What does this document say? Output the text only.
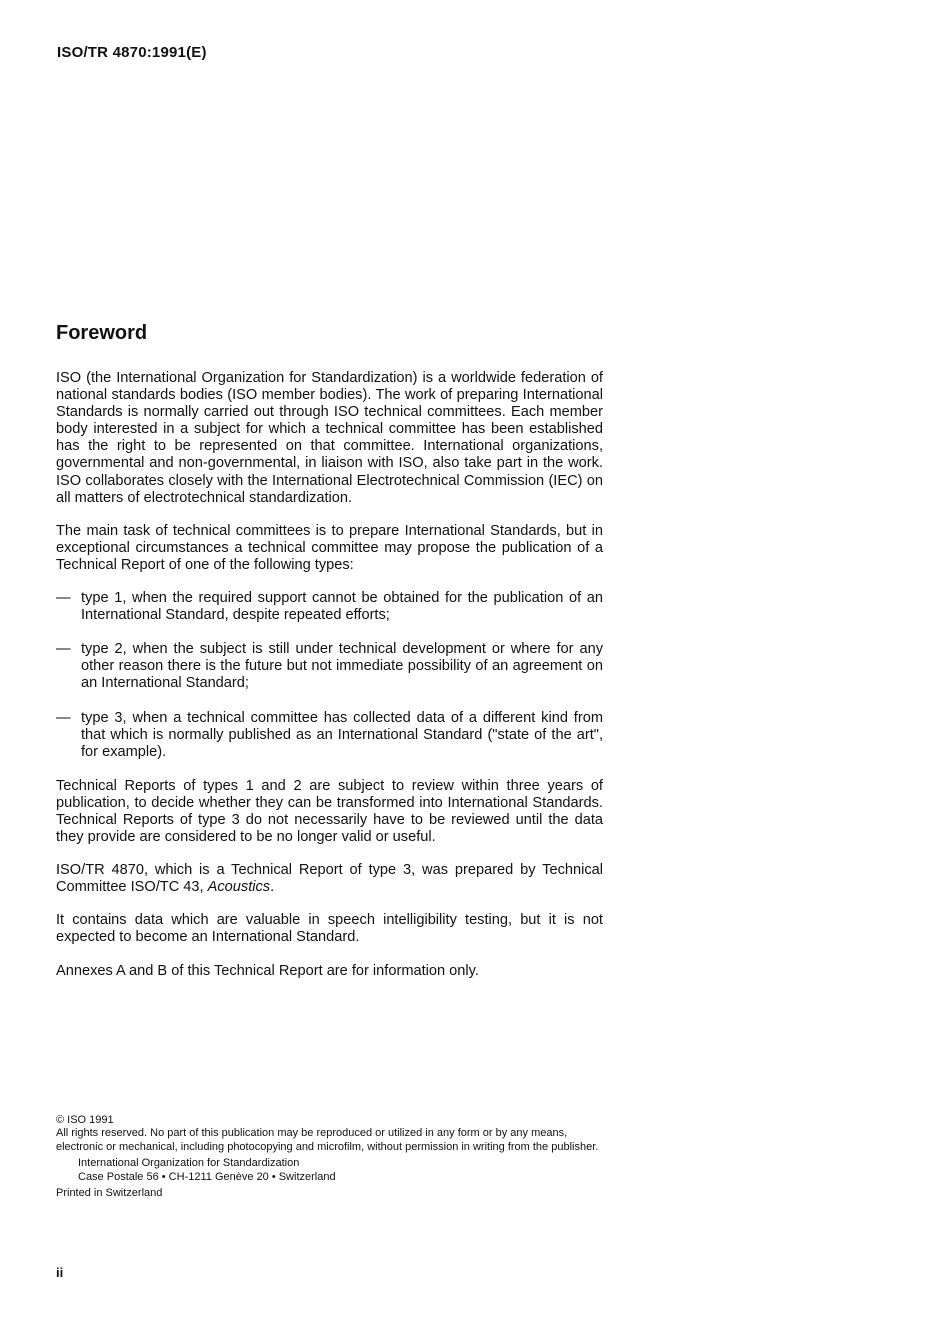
ISO/TR 4870:1991(E)
Foreword

ISO (the International Organization for Standardization) is a worldwide federation of national standards bodies (ISO member bodies). The work of preparing International Standards is normally carried out through ISO technical committees. Each member body interested in a subject for which a technical committee has been established has the right to be represented on that committee. International organizations, governmental and non-governmental, in liaison with ISO, also take part in the work. ISO collaborates closely with the International Electrotechnical Commission (IEC) on all matters of electrotechnical standardization.

The main task of technical committees is to prepare International Standards, but in exceptional circumstances a technical committee may propose the publication of a Technical Report of one of the following types:

— type 1, when the required support cannot be obtained for the publication of an International Standard, despite repeated efforts;
— type 2, when the subject is still under technical development or where for any other reason there is the future but not immediate possibility of an agreement on an International Standard;
— type 3, when a technical committee has collected data of a different kind from that which is normally published as an International Standard ("state of the art", for example).

Technical Reports of types 1 and 2 are subject to review within three years of publication, to decide whether they can be transformed into International Standards. Technical Reports of type 3 do not necessarily have to be reviewed until the data they provide are considered to be no longer valid or useful.

ISO/TR 4870, which is a Technical Report of type 3, was prepared by Technical Committee ISO/TC 43, Acoustics.

It contains data which are valuable in speech intelligibility testing, but it is not expected to become an International Standard.

Annexes A and B of this Technical Report are for information only.

© ISO 1991

All rights reserved. No part of this publication may be reproduced or utilized in any form or by any means, electronic or mechanical, including photocopying and microfilm, without permission in writing from the publisher.

International Organization for Standardization

Case Postale 56 • CH-1211 Genève 20 • Switzerland

Printed in Switzerland

ii
